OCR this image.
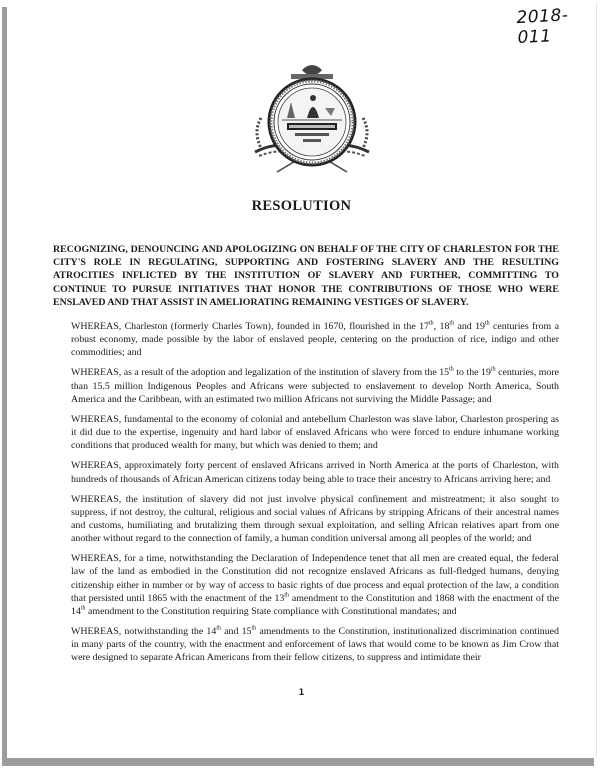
2018-011
RESOLUTION
RECOGNIZING, DENOUNCING AND APOLOGIZING ON BEHALF OF THE CITY OF CHARLESTON FOR THE CITY'S ROLE IN REGULATING, SUPPORTING AND FOSTERING SLAVERY AND THE RESULTING ATROCITIES INFLICTED BY THE INSTITUTION OF SLAVERY AND FURTHER, COMMITTING TO CONTINUE TO PURSUE INITIATIVES THAT HONOR THE CONTRIBUTIONS OF THOSE WHO WERE ENSLAVED AND THAT ASSIST IN AMELIORATING REMAINING VESTIGES OF SLAVERY.

WHEREAS, Charleston (formerly Charles Town), founded in 1670, flourished in the 17th, 18th and 19th centuries from a robust economy, made possible by the labor of enslaved people, centering on the production of rice, indigo and other commodities; and

WHEREAS, as a result of the adoption and legalization of the institution of slavery from the 15th to the 19th centuries, more than 15.5 million Indigenous Peoples and Africans were subjected to enslavement to develop North America, South America and the Caribbean, with an estimated two million Africans not surviving the Middle Passage; and

WHEREAS, fundamental to the economy of colonial and antebellum Charleston was slave labor, Charleston prospering as it did due to the expertise, ingenuity and hard labor of enslaved Africans who were forced to endure inhumane working conditions that produced wealth for many, but which was denied to them; and

WHEREAS, approximately forty percent of enslaved Africans arrived in North America at the ports of Charleston, with hundreds of thousands of African American citizens today being able to trace their ancestry to Africans arriving here; and

WHEREAS, the institution of slavery did not just involve physical confinement and mistreatment; it also sought to suppress, if not destroy, the cultural, religious and social values of Africans by stripping Africans of their ancestral names and customs, humiliating and brutalizing them through sexual exploitation, and selling African relatives apart from one another without regard to the connection of family, a human condition universal among all peoples of the world; and

WHEREAS, for a time, notwithstanding the Declaration of Independence tenet that all men are created equal, the federal law of the land as embodied in the Constitution did not recognize enslaved Africans as full-fledged humans, denying citizenship either in number or by way of access to basic rights of due process and equal protection of the law, a condition that persisted until 1865 with the enactment of the 13th amendment to the Constitution and 1868 with the enactment of the 14th amendment to the Constitution requiring State compliance with Constitutional mandates; and

WHEREAS, notwithstanding the 14th and 15th amendments to the Constitution, institutionalized discrimination continued in many parts of the country, with the enactment and enforcement of laws that would come to be known as Jim Crow that were designed to separate African Americans from their fellow citizens, to suppress and intimidate their

1
